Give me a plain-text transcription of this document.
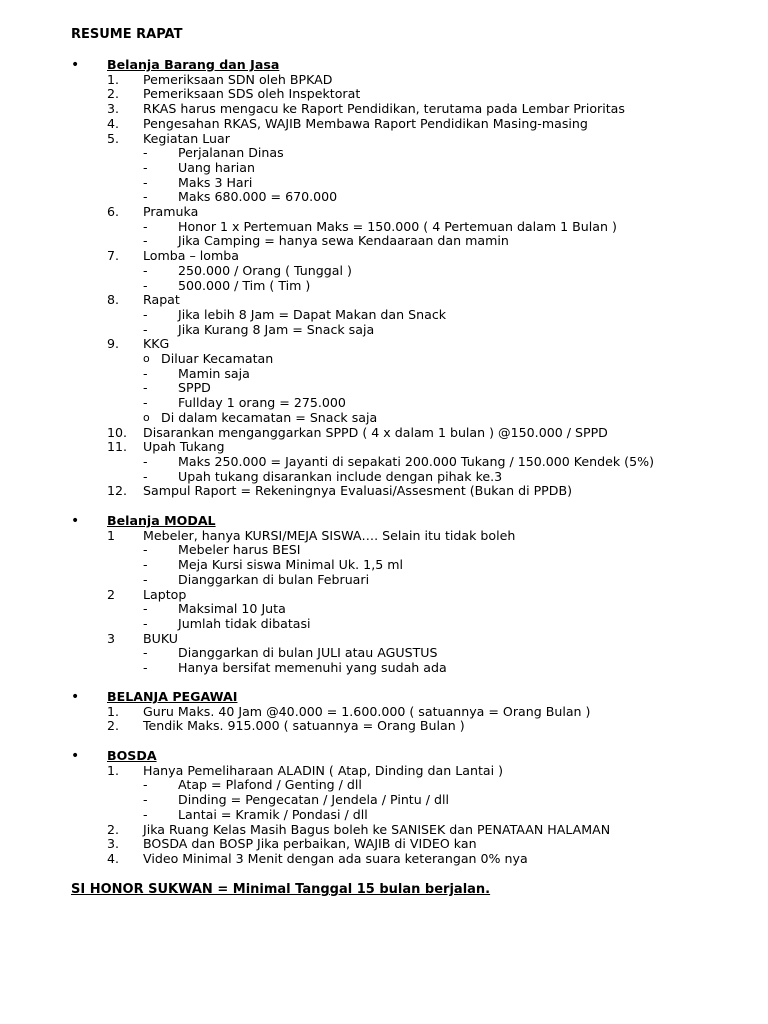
RESUME RAPAT
• Belanja Barang dan Jasa
1. Pemeriksaan SDN oleh BPKAD
2. Pemeriksaan SDS oleh Inspektorat
3. RKAS harus mengacu ke Raport Pendidikan, terutama pada Lembar Prioritas
4. Pengesahan RKAS, WAJIB Membawa Raport Pendidikan Masing-masing
5. Kegiatan Luar
- Perjalanan Dinas
- Uang harian
- Maks 3 Hari
- Maks 680.000 = 670.000
6. Pramuka
- Honor 1 x Pertemuan Maks = 150.000 ( 4 Pertemuan dalam 1 Bulan )
- Jika Camping = hanya sewa Kendaaraan dan mamin
7. Lomba – lomba
- 250.000 / Orang ( Tunggal )
- 500.000 / Tim ( Tim )
8. Rapat
- Jika lebih 8 Jam = Dapat Makan dan Snack
- Jika Kurang 8 Jam = Snack saja
9. KKG
o Diluar Kecamatan
- Mamin saja
- SPPD
- Fullday 1 orang = 275.000
o Di dalam kecamatan = Snack saja
10. Disarankan menganggarkan SPPD ( 4 x dalam 1 bulan ) @150.000 / SPPD
11. Upah Tukang
- Maks 250.000 = Jayanti di sepakati 200.000 Tukang / 150.000 Kendek (5%)
- Upah tukang disarankan include dengan pihak ke.3
12. Sampul Raport = Rekeningnya Evaluasi/Assesment (Bukan di PPDB)
• Belanja MODAL
1 Mebeler, hanya KURSI/MEJA SISWA…. Selain itu tidak boleh
- Mebeler harus BESI
- Meja Kursi siswa Minimal Uk. 1,5 ml
- Dianggarkan di bulan Februari
2 Laptop
- Maksimal 10 Juta
- Jumlah tidak dibatasi
3 BUKU
- Dianggarkan di bulan JULI atau AGUSTUS
- Hanya bersifat memenuhi yang sudah ada
• BELANJA PEGAWAI
1. Guru Maks. 40 Jam @40.000 = 1.600.000 ( satuannya = Orang Bulan )
2. Tendik Maks. 915.000 ( satuannya = Orang Bulan )
• BOSDA
1. Hanya Pemeliharaan ALADIN ( Atap, Dinding dan Lantai )
- Atap = Plafond / Genting / dll
- Dinding = Pengecatan / Jendela / Pintu / dll
- Lantai = Kramik / Pondasi / dll
2. Jika Ruang Kelas Masih Bagus boleh ke SANISEK dan PENATAAN HALAMAN
3. BOSDA dan BOSP Jika perbaikan, WAJIB di VIDEO kan
4. Video Minimal 3 Menit dengan ada suara keterangan 0% nya
SI HONOR SUKWAN = Minimal Tanggal 15 bulan berjalan.
